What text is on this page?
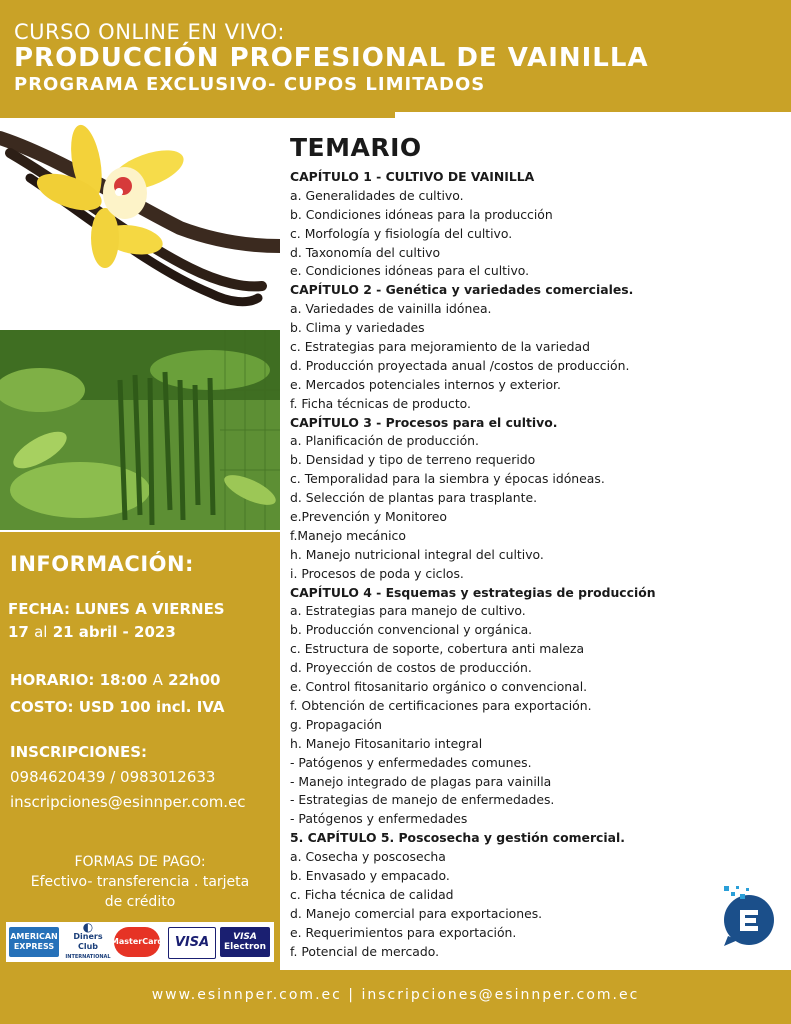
CURSO ONLINE EN VIVO:
PRODUCCIÓN PROFESIONAL DE VAINILLA
PROGRAMA EXCLUSIVO- CUPOS LIMITADOS
INFORMACIÓN:
FECHA: LUNES A VIERNES
17 al 21 abril - 2023
HORARIO: 18:00 A 22h00
COSTO: USD 100 incl. IVA
INSCRIPCIONES:
0984620439 / 0983012633
inscripciones@esinnper.com.ec
FORMAS DE PAGO:
Efectivo- transferencia . tarjeta
de crédito
AMERICAN EXPRESS
◐
Diners Club
INTERNATIONAL
MasterCard VISA	VISA
Electron
TEMARIO
CAPÍTULO 1 - CULTIVO DE VAINILLA
a. Generalidades de cultivo.
b. Condiciones idóneas para la producción
c. Morfología y fisiología del cultivo.
d. Taxonomía del cultivo
e. Condiciones idóneas para el cultivo.
CAPÍTULO 2 - Genética y variedades comerciales.
a. Variedades de vainilla idónea.
b. Clima y variedades
c. Estrategias para mejoramiento de la variedad
d. Producción proyectada anual /costos de producción.
e. Mercados potenciales internos y exterior.
f. Ficha técnicas de producto.
CAPÍTULO 3 - Procesos para el cultivo.
a. Planificación de producción.
b. Densidad y tipo de terreno requerido
c. Temporalidad para la siembra y épocas idóneas.
d. Selección de plantas para trasplante.
e.Prevención y Monitoreo
f.Manejo mecánico
h. Manejo nutricional integral del cultivo.
i. Procesos de poda y ciclos.
CAPÍTULO 4 - Esquemas y estrategias de producción
a. Estrategias para manejo de cultivo.
b. Producción convencional y orgánica.
c. Estructura de soporte, cobertura anti maleza
d. Proyección de costos de producción.
e. Control fitosanitario orgánico o convencional.
f. Obtención de certificaciones para exportación.
g. Propagación
h. Manejo Fitosanitario integral
- Patógenos y enfermedades comunes.
- Manejo integrado de plagas para vainilla
- Estrategias de manejo de enfermedades.
- Patógenos y enfermedades
5. CAPÍTULO 5. Poscosecha y gestión comercial.
a. Cosecha y poscosecha
b. Envasado y empacado.
c. Ficha técnica de calidad
d. Manejo comercial para exportaciones.
e. Requerimientos para exportación.
f. Potencial de mercado.
www.esinnper.com.ec | inscripciones@esinnper.com.ec
